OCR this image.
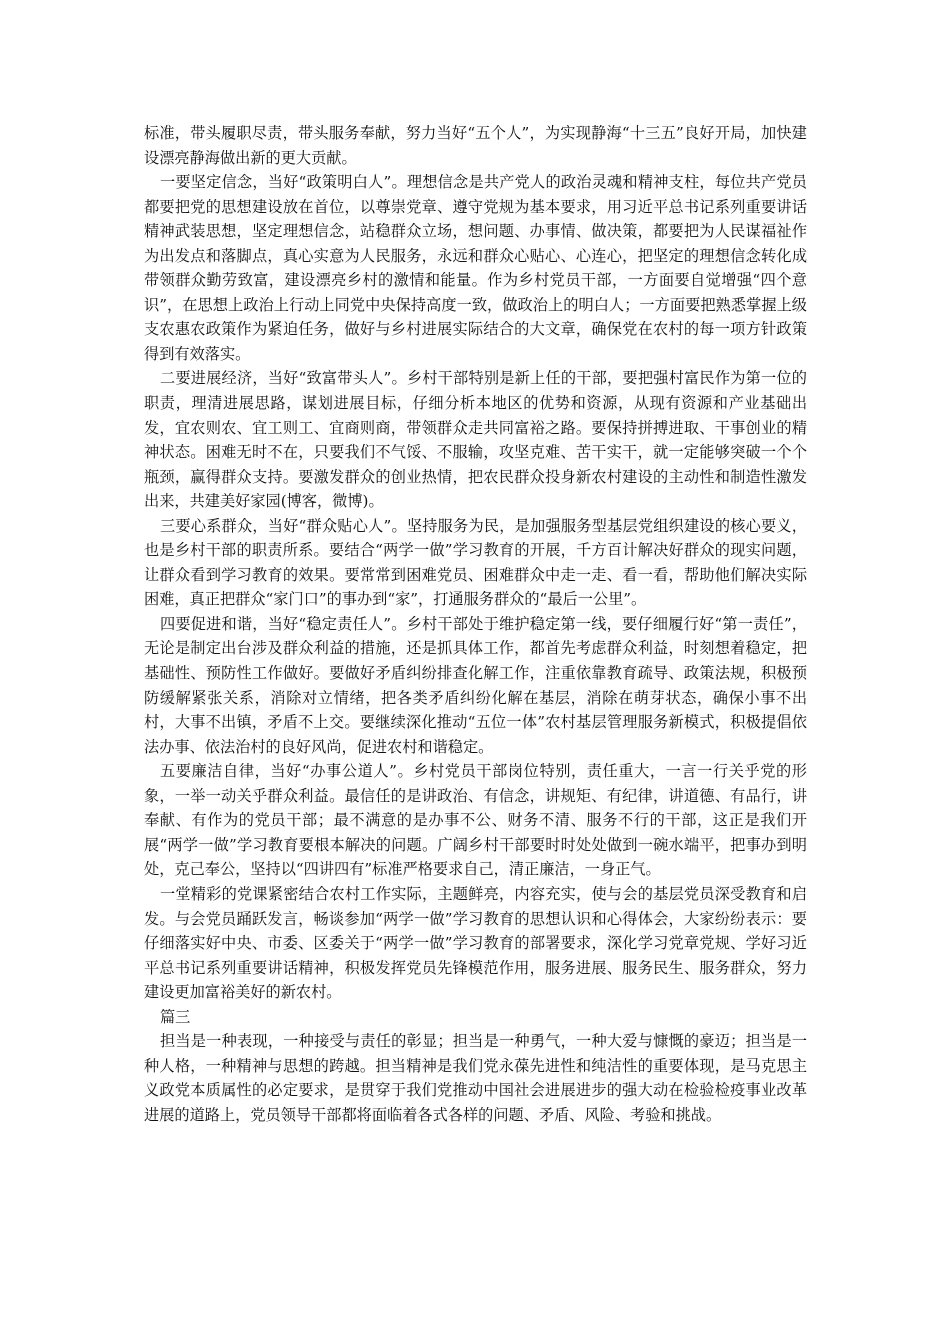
标准，带头履职尽责，带头服务奉献，努力当好“五个人”，为实现静海“十三五”良好开局，加快建设漂亮静海做出新的更大贡献。

一要坚定信念，当好“政策明白人”。理想信念是共产党人的政治灵魂和精神支柱，每位共产党员都要把党的思想建设放在首位，以尊崇党章、遵守党规为基本要求，用习近平总书记系列重要讲话精神武装思想，坚定理想信念，站稳群众立场，想问题、办事情、做决策，都要把为人民谋福祉作为出发点和落脚点，真心实意为人民服务，永远和群众心贴心、心连心，把坚定的理想信念转化成带领群众勤劳致富，建设漂亮乡村的激情和能量。作为乡村党员干部，一方面要自觉增强“四个意识”，在思想上政治上行动上同党中央保持高度一致，做政治上的明白人；一方面要把熟悉掌握上级支农惠农政策作为紧迫任务，做好与乡村进展实际结合的大文章，确保党在农村的每一项方针政策得到有效落实。

二要进展经济，当好“致富带头人”。乡村干部特别是新上任的干部，要把强村富民作为第一位的职责，理清进展思路，谋划进展目标，仔细分析本地区的优势和资源，从现有资源和产业基础出发，宜农则农、宜工则工、宜商则商，带领群众走共同富裕之路。要保持拼搏进取、干事创业的精神状态。困难无时不在，只要我们不气馁、不服输，攻坚克难、苦干实干，就一定能够突破一个个瓶颈，赢得群众支持。要激发群众的创业热情，把农民群众投身新农村建设的主动性和制造性激发出来，共建美好家园(博客，微博)。

三要心系群众，当好“群众贴心人”。坚持服务为民，是加强服务型基层党组织建设的核心要义，也是乡村干部的职责所系。要结合“两学一做”学习教育的开展，千方百计解决好群众的现实问题，让群众看到学习教育的效果。要常常到困难党员、困难群众中走一走、看一看，帮助他们解决实际困难，真正把群众“家门口”的事办到“家”，打通服务群众的“最后一公里”。

四要促进和谐，当好“稳定责任人”。乡村干部处于维护稳定第一线，要仔细履行好“第一责任”，无论是制定出台涉及群众利益的措施，还是抓具体工作，都首先考虑群众利益，时刻想着稳定，把基础性、预防性工作做好。要做好矛盾纠纷排查化解工作，注重依靠教育疏导、政策法规，积极预防缓解紧张关系，消除对立情绪，把各类矛盾纠纷化解在基层，消除在萌芽状态，确保小事不出村，大事不出镇，矛盾不上交。要继续深化推动“五位一体”农村基层管理服务新模式，积极提倡依法办事、依法治村的良好风尚，促进农村和谐稳定。

五要廉洁自律，当好“办事公道人”。乡村党员干部岗位特别，责任重大，一言一行关乎党的形象，一举一动关乎群众利益。最信任的是讲政治、有信念，讲规矩、有纪律，讲道德、有品行，讲奉献、有作为的党员干部；最不满意的是办事不公、财务不清、服务不行的干部，这正是我们开展“两学一做”学习教育要根本解决的问题。广阔乡村干部要时时处处做到一碗水端平，把事办到明处，克己奉公，坚持以“四讲四有”标准严格要求自己，清正廉洁，一身正气。

一堂精彩的党课紧密结合农村工作实际，主题鲜亮，内容充实，使与会的基层党员深受教育和启发。与会党员踊跃发言，畅谈参加“两学一做”学习教育的思想认识和心得体会，大家纷纷表示：要仔细落实好中央、市委、区委关于“两学一做”学习教育的部署要求，深化学习党章党规、学好习近平总书记系列重要讲话精神，积极发挥党员先锋模范作用，服务进展、服务民生、服务群众，努力建设更加富裕美好的新农村。

篇三

担当是一种表现，一种接受与责任的彰显；担当是一种勇气，一种大爱与慷慨的豪迈；担当是一种人格，一种精神与思想的跨越。担当精神是我们党永葆先进性和纯洁性的重要体现，是马克思主义政党本质属性的必定要求，是贯穿于我们党推动中国社会进展进步的强大动在检验检疫事业改革进展的道路上，党员领导干部都将面临着各式各样的问题、矛盾、风险、考验和挑战。
